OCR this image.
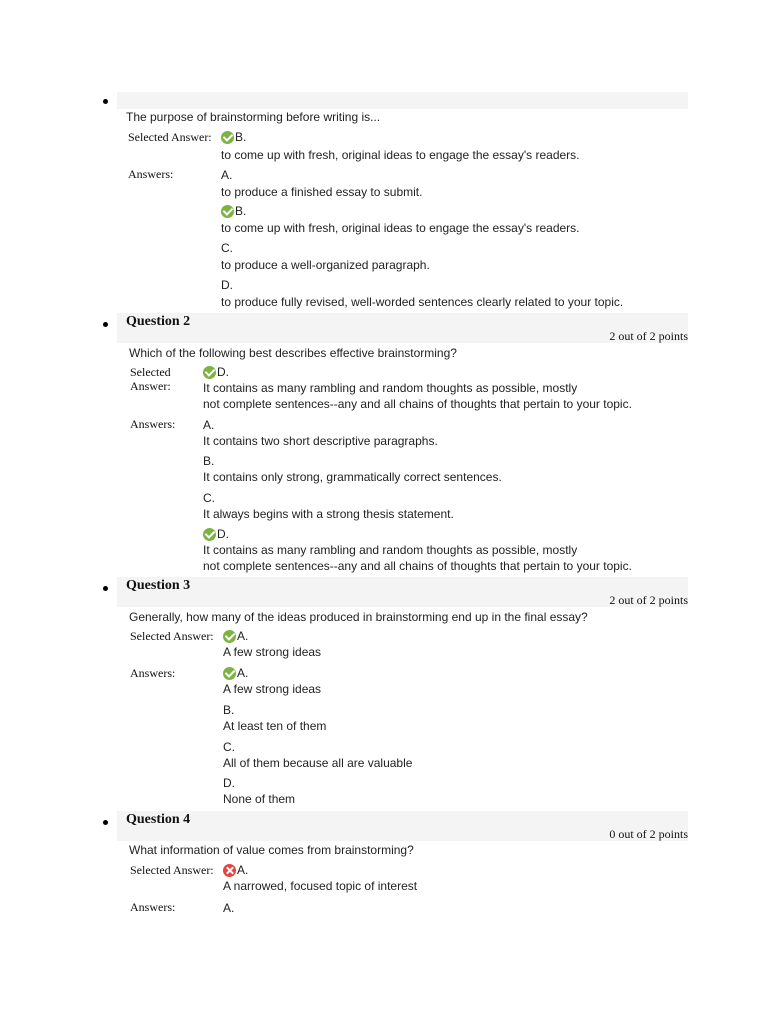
The purpose of brainstorming before writing is...
Selected Answer: B.
to come up with fresh, original ideas to engage the essay's readers.
Answers:	A.
to produce a finished essay to submit.
B.
to come up with fresh, original ideas to engage the essay's readers.
C.
to produce a well-organized paragraph.
D.
to produce fully revised, well-worded sentences clearly related to your topic.
Question 2
2 out of 2 points
Which of the following best describes effective brainstorming?
Selected
Answer:
D.
It contains as many rambling and random thoughts as possible, mostly
not complete sentences--any and all chains of thoughts that pertain to your topic.
Answers: A.
It contains two short descriptive paragraphs.
B.
It contains only strong, grammatically correct sentences.
C.
It always begins with a strong thesis statement.
D.
It contains as many rambling and random thoughts as possible, mostly
not complete sentences--any and all chains of thoughts that pertain to your topic.
Question 3
2 out of 2 points
Generally, how many of the ideas produced in brainstorming end up in the final essay?
Selected Answer: A.
A few strong ideas
Answers:	A.
A few strong ideas
B.
At least ten of them
C.
All of them because all are valuable
D.
None of them
Question 4
0 out of 2 points
What information of value comes from brainstorming?
Selected Answer: A.
A narrowed, focused topic of interest
Answers:	A.
